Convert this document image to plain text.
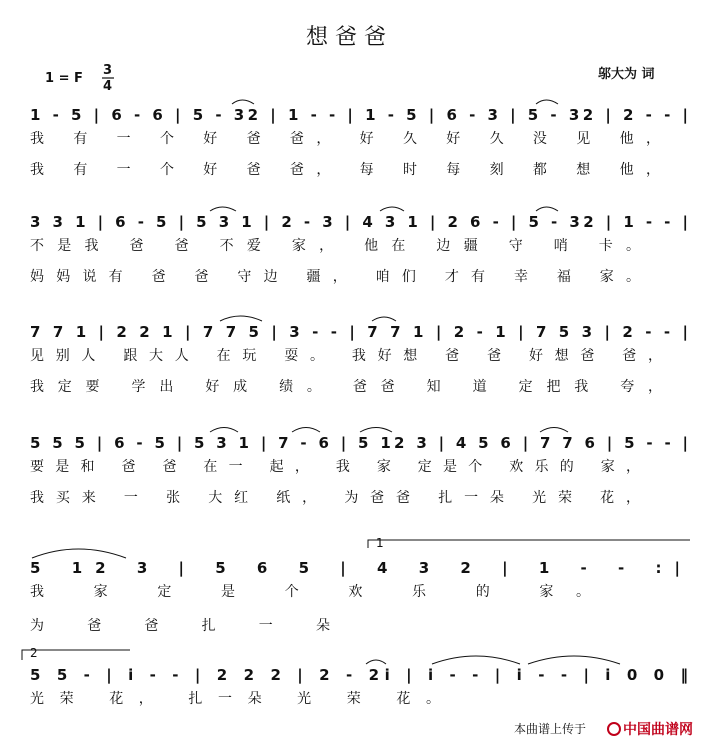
想 爸 爸
1 = F
3
4
邬大为 词
1 - 5 | 6 - 6 | 5 - 32 | 1 - - | 1 - 5 | 6 - 3 | 5 - 32 | 2 - - |
我 有 一 个 好 爸 爸， 好 久 好 久 没 见 他，
我 有 一 个 好 爸 爸， 每 时 每 刻 都 想 他，
3 3 1 | 6 - 5 | 5 3 1 | 2 - 3 | 4 3 1 | 2 6 - | 5 - 32 | 1 - - |
不是我 爸 爸 不爱 家， 他在 边疆 守 哨 卡。
妈妈说有 爸 爸 守边 疆， 咱们 才有 幸 福 家。
7 7 1 | 2 2 1 | 7 7 5 | 3 - - | 7 7 1 | 2 - 1 | 7 5 3 | 2 - - |
见别人 跟大人 在玩 耍。 我好想 爸 爸 好想爸 爸，
我定要 学出 好成 绩。 爸爸 知 道 定把我 夸，
5 5 5 | 6 - 5 | 5 3 1 | 7 - 6 | 5 12 3 | 4 5 6 | 7 7 6 | 5 - - |
要是和 爸 爸 在一 起， 我 家 定是个 欢乐的 家，
我买来 一 张 大红 纸， 为爸爸 扎一朵 光荣 花，
1
5 12 3 | 5 6 5 | 4 3 2 | 1 - - :|
我 家 定 是 个 欢 乐 的 家。
为 爸 爸 扎 一 朵
2
5 5 - | i - - | 2 2 2 | 2 - 2i | i - - | i - - | i 0 0 ‖
光荣 花， 扎一朵 光 荣 花。
本曲谱上传于	中国曲谱网
